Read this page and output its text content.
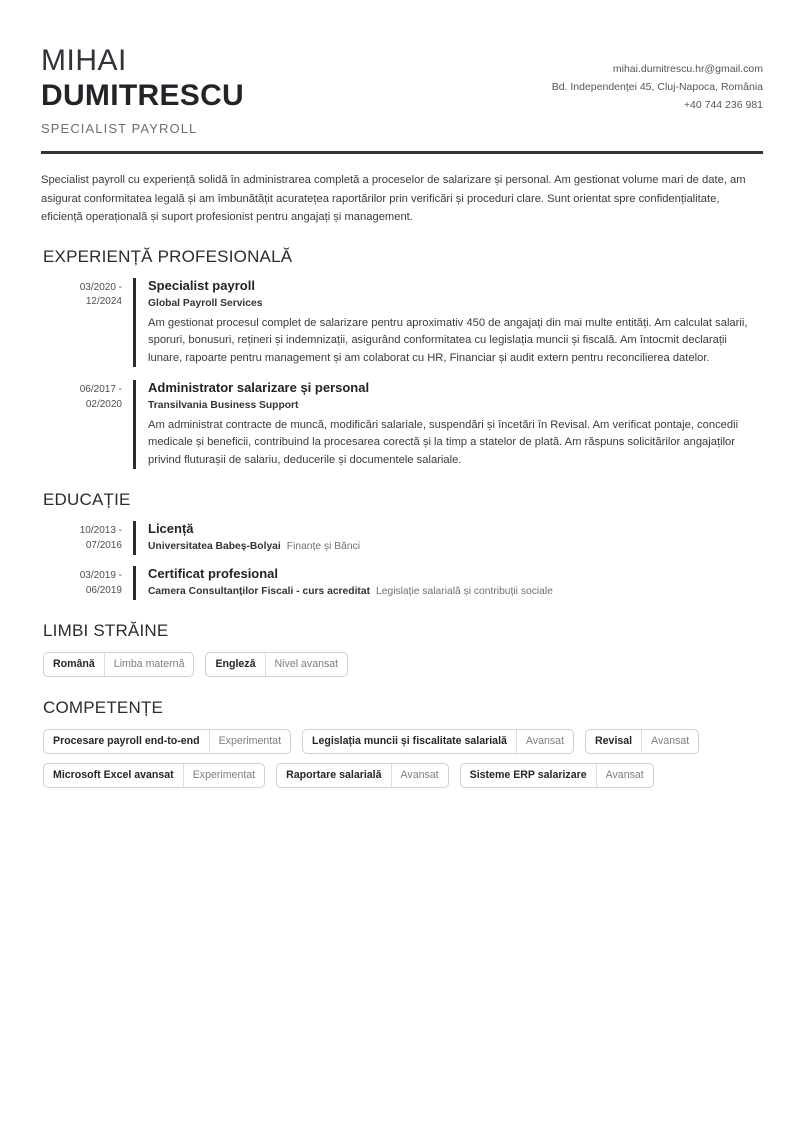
MIHAI
DUMITRESCU
SPECIALIST PAYROLL
mihai.dumitrescu.hr@gmail.com
Bd. Independenței 45, Cluj-Napoca, România
+40 744 236 981
Specialist payroll cu experiență solidă în administrarea completă a proceselor de salarizare și personal. Am gestionat volume mari de date, am asigurat conformitatea legală și am îmbunătățit acuratețea raportărilor prin verificări și proceduri clare. Sunt orientat spre confidențialitate, eficiență operațională și suport profesionist pentru angajați și management.
EXPERIENȚĂ PROFESIONALĂ
03/2020 -
12/2024
Specialist payroll
Global Payroll Services
Am gestionat procesul complet de salarizare pentru aproximativ 450 de angajați din mai multe entități. Am calculat salarii, sporuri, bonusuri, rețineri și indemnizații, asigurând conformitatea cu legislația muncii și fiscală. Am întocmit declarații lunare, rapoarte pentru management și am colaborat cu HR, Financiar și audit extern pentru reconcilierea datelor.
06/2017 -
02/2020
Administrator salarizare și personal
Transilvania Business Support
Am administrat contracte de muncă, modificări salariale, suspendări și încetări în Revisal. Am verificat pontaje, concedii medicale și beneficii, contribuind la procesarea corectă și la timp a statelor de plată. Am răspuns solicitărilor angajaților privind fluturașii de salariu, deducerile și documentele salariale.
EDUCAȚIE
10/2013 -
07/2016
Licență
Universitatea Babeș-Bolyai Finanțe și Bănci
03/2019 -
06/2019
Certificat profesional
Camera Consultanților Fiscali - curs acreditat Legislație salarială și contribuții sociale
LIMBI STRĂINE
Română	Limba maternă	Engleză	Nivel avansat
COMPETENȚE
Procesare payroll end-to-end	Experimentat	Legislația muncii și fiscalitate salarială	Avansat	Revisal	Avansat
Microsoft Excel avansat	Experimentat	Raportare salarială	Avansat	Sisteme ERP salarizare	Avansat
